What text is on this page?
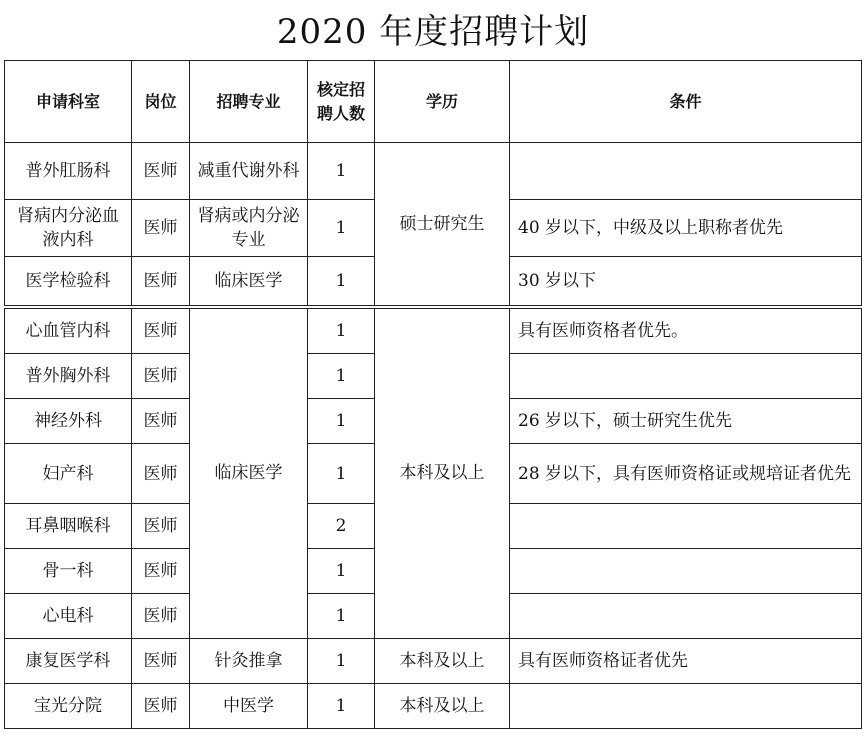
2020 年度招聘计划
申请科室	岗位	招聘专业	核定招聘人数	学历	条件
普外肛肠科	医师	减重代谢外科	1	硕士研究生	
肾病内分泌血液内科	医师	肾病或内分泌专业	1		40 岁以下，中级及以上职称者优先
医学检验科	医师	临床医学	1		30 岁以下
心血管内科	医师	临床医学	1	本科及以上	具有医师资格者优先。
普外胸外科	医师		1		
神经外科	医师		1		26 岁以下，硕士研究生优先
妇产科	医师		1		28 岁以下，具有医师资格证或规培证者优先
耳鼻咽喉科	医师		2		
骨一科	医师		1		
心电科	医师		1		
康复医学科	医师	针灸推拿	1	本科及以上	具有医师资格证者优先
宝光分院	医师	中医学	1	本科及以上	
